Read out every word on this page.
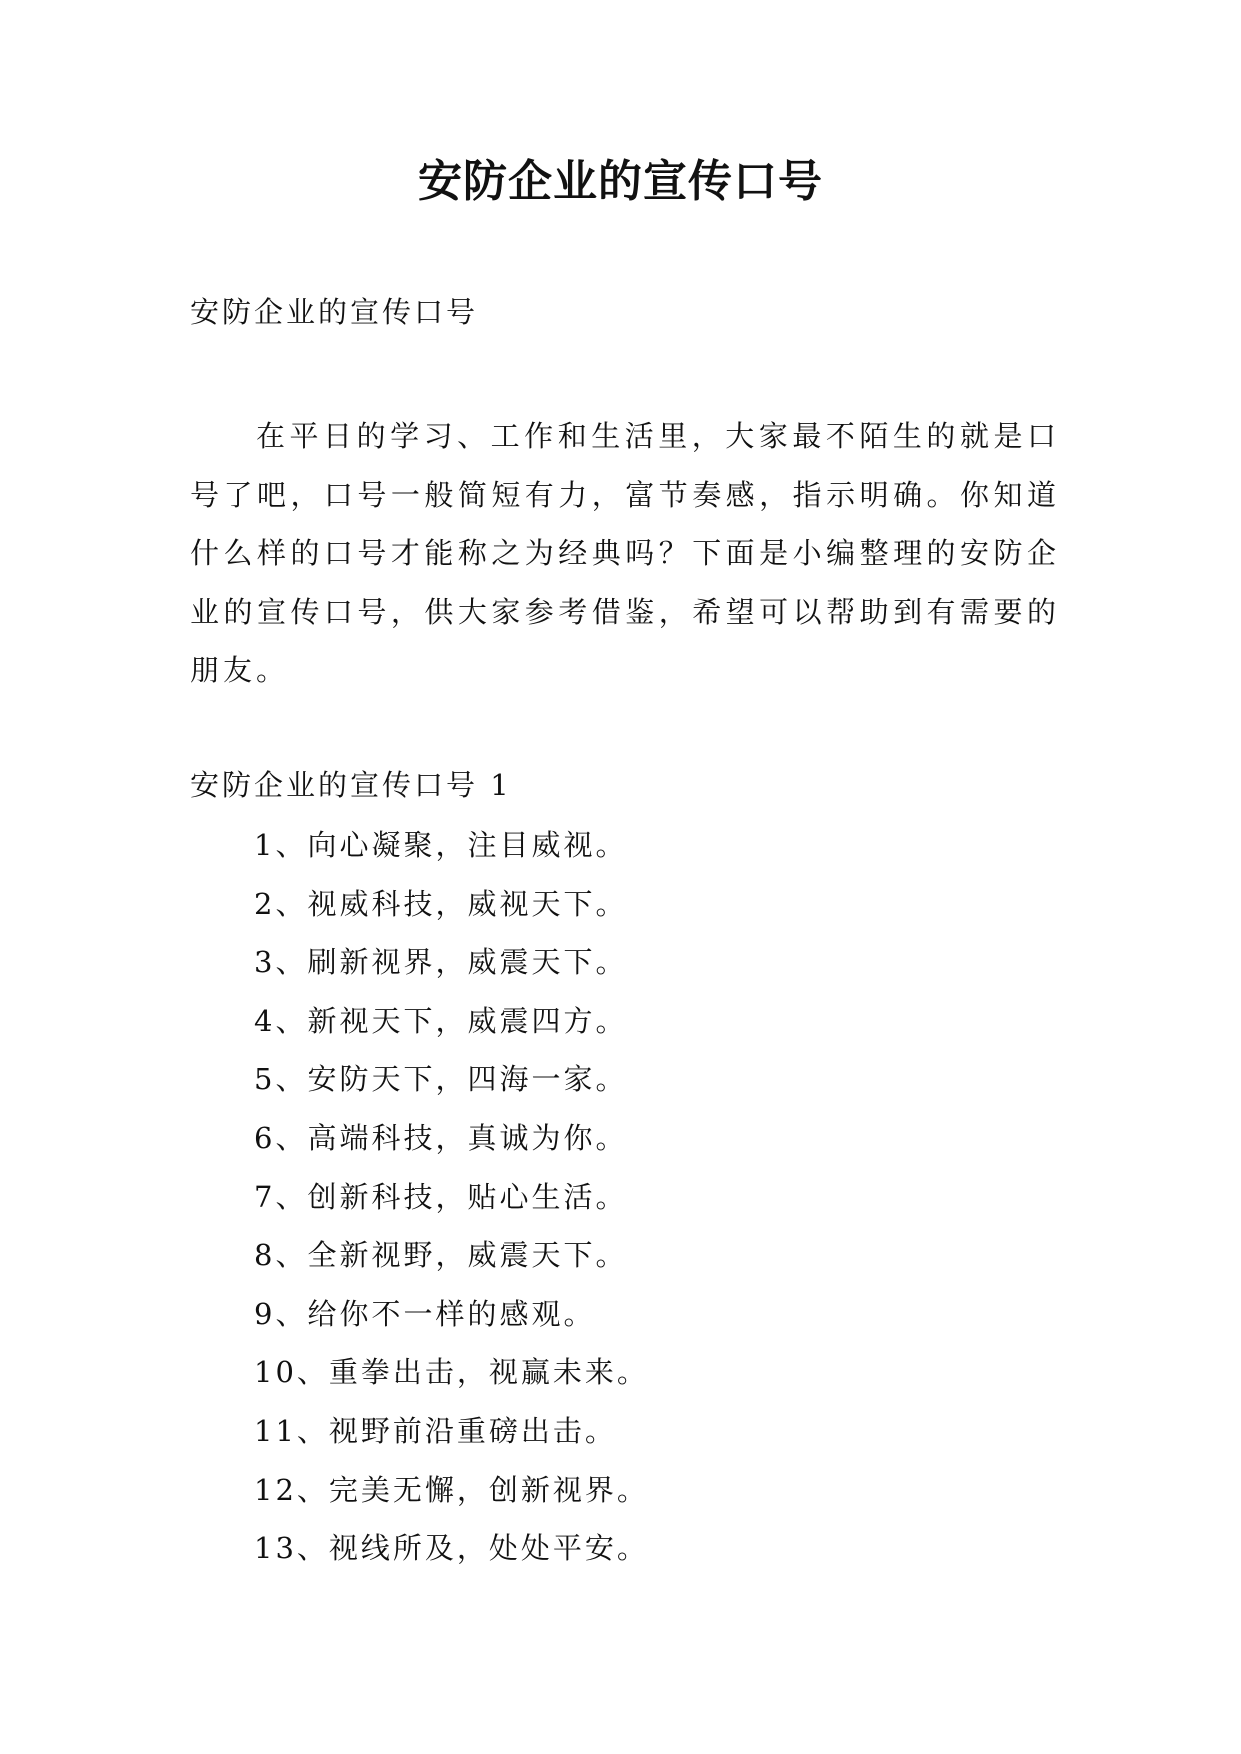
安防企业的宣传口号
安防企业的宣传口号

在平日的学习、工作和生活里，大家最不陌生的就是口号了吧，口号一般简短有力，富节奏感，指示明确。你知道什么样的口号才能称之为经典吗？下面是小编整理的安防企业的宣传口号，供大家参考借鉴，希望可以帮助到有需要的朋友。

安防企业的宣传口号 1
1、向心凝聚，注目威视。
2、视威科技，威视天下。
3、刷新视界，威震天下。
4、新视天下，威震四方。
5、安防天下，四海一家。
6、高端科技，真诚为你。
7、创新科技，贴心生活。
8、全新视野，威震天下。
9、给你不一样的感观。
10、重拳出击，视赢未来。
11、视野前沿重磅出击。
12、完美无懈，创新视界。
13、视线所及，处处平安。
